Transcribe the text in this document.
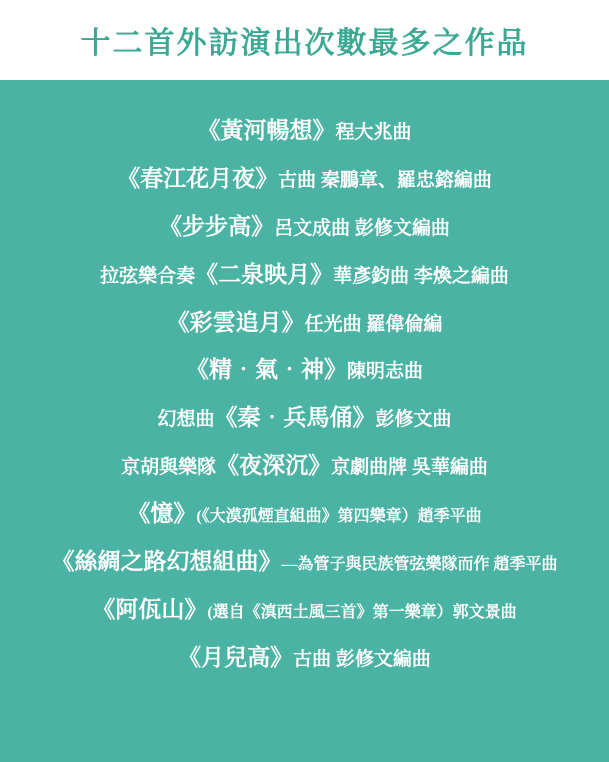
十二首外訪演出次數最多之作品
《黃河暢想》程大兆曲
《春江花月夜》古曲 秦鵬章、羅忠鎔編曲
《步步高》呂文成曲 彭修文編曲
拉弦樂合奏《二泉映月》華彥鈞曲 李煥之編曲
《彩雲追月》任光曲 羅偉倫編
《精‧氣‧神》陳明志曲
幻想曲《秦‧兵馬俑》彭修文曲
京胡與樂隊《夜深沉》京劇曲牌 吳華編曲
《憶》(《大漠孤煙直組曲》第四樂章）趙季平曲
《絲綢之路幻想組曲》—為管子與民族管弦樂隊而作 趙季平曲
《阿佤山》(選自《滇西土風三首》第一樂章）郭文景曲
《月兒高》古曲 彭修文編曲
